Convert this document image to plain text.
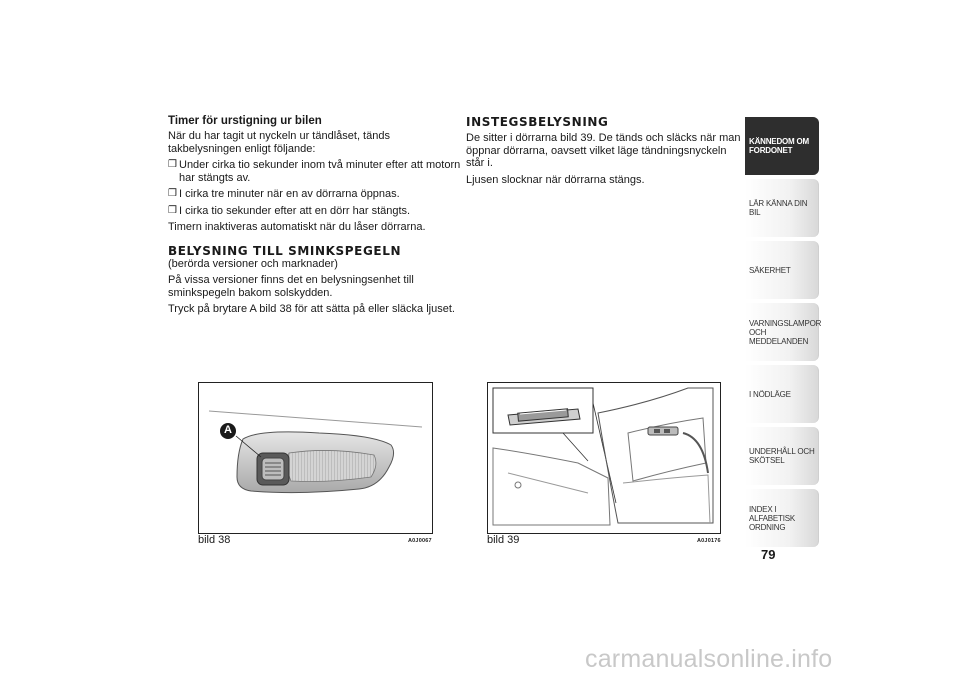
Timer för urstigning ur bilen

När du har tagit ut nyckeln ur tändlåset, tänds takbelysningen enligt följande:

❒ Under cirka tio sekunder inom två minuter efter att motorn har stängts av.
❒ I cirka tre minuter när en av dörrarna öppnas.
❒ I cirka tio sekunder efter att en dörr har stängts.

Timern inaktiveras automatiskt när du låser dörrarna.

BELYSNING TILL SMINKSPEGELN

(berörda versioner och marknader)

På vissa versioner finns det en belysningsenhet till sminkspegeln bakom solskydden.

Tryck på brytare A bild 38 för att sätta på eller släcka ljuset.

INSTEGSBELYSNING

De sitter i dörrarna bild 39. De tänds och släcks när man öppnar dörrarna, oavsett vilket läge tändningsnyckeln står i.

Ljusen slocknar när dörrarna stängs.

A
bild 38	A0J0067	bild 39	A0J0176
KÄNNEDOM OM FORDONET
LÄR KÄNNA DIN BIL
SÄKERHET
VARNINGSLAMPOR OCH MEDDELANDEN
I NÖDLÄGE
UNDERHÅLL OCH SKÖTSEL
INDEX I ALFABETISK ORDNING
79
carmanualsonline.info
